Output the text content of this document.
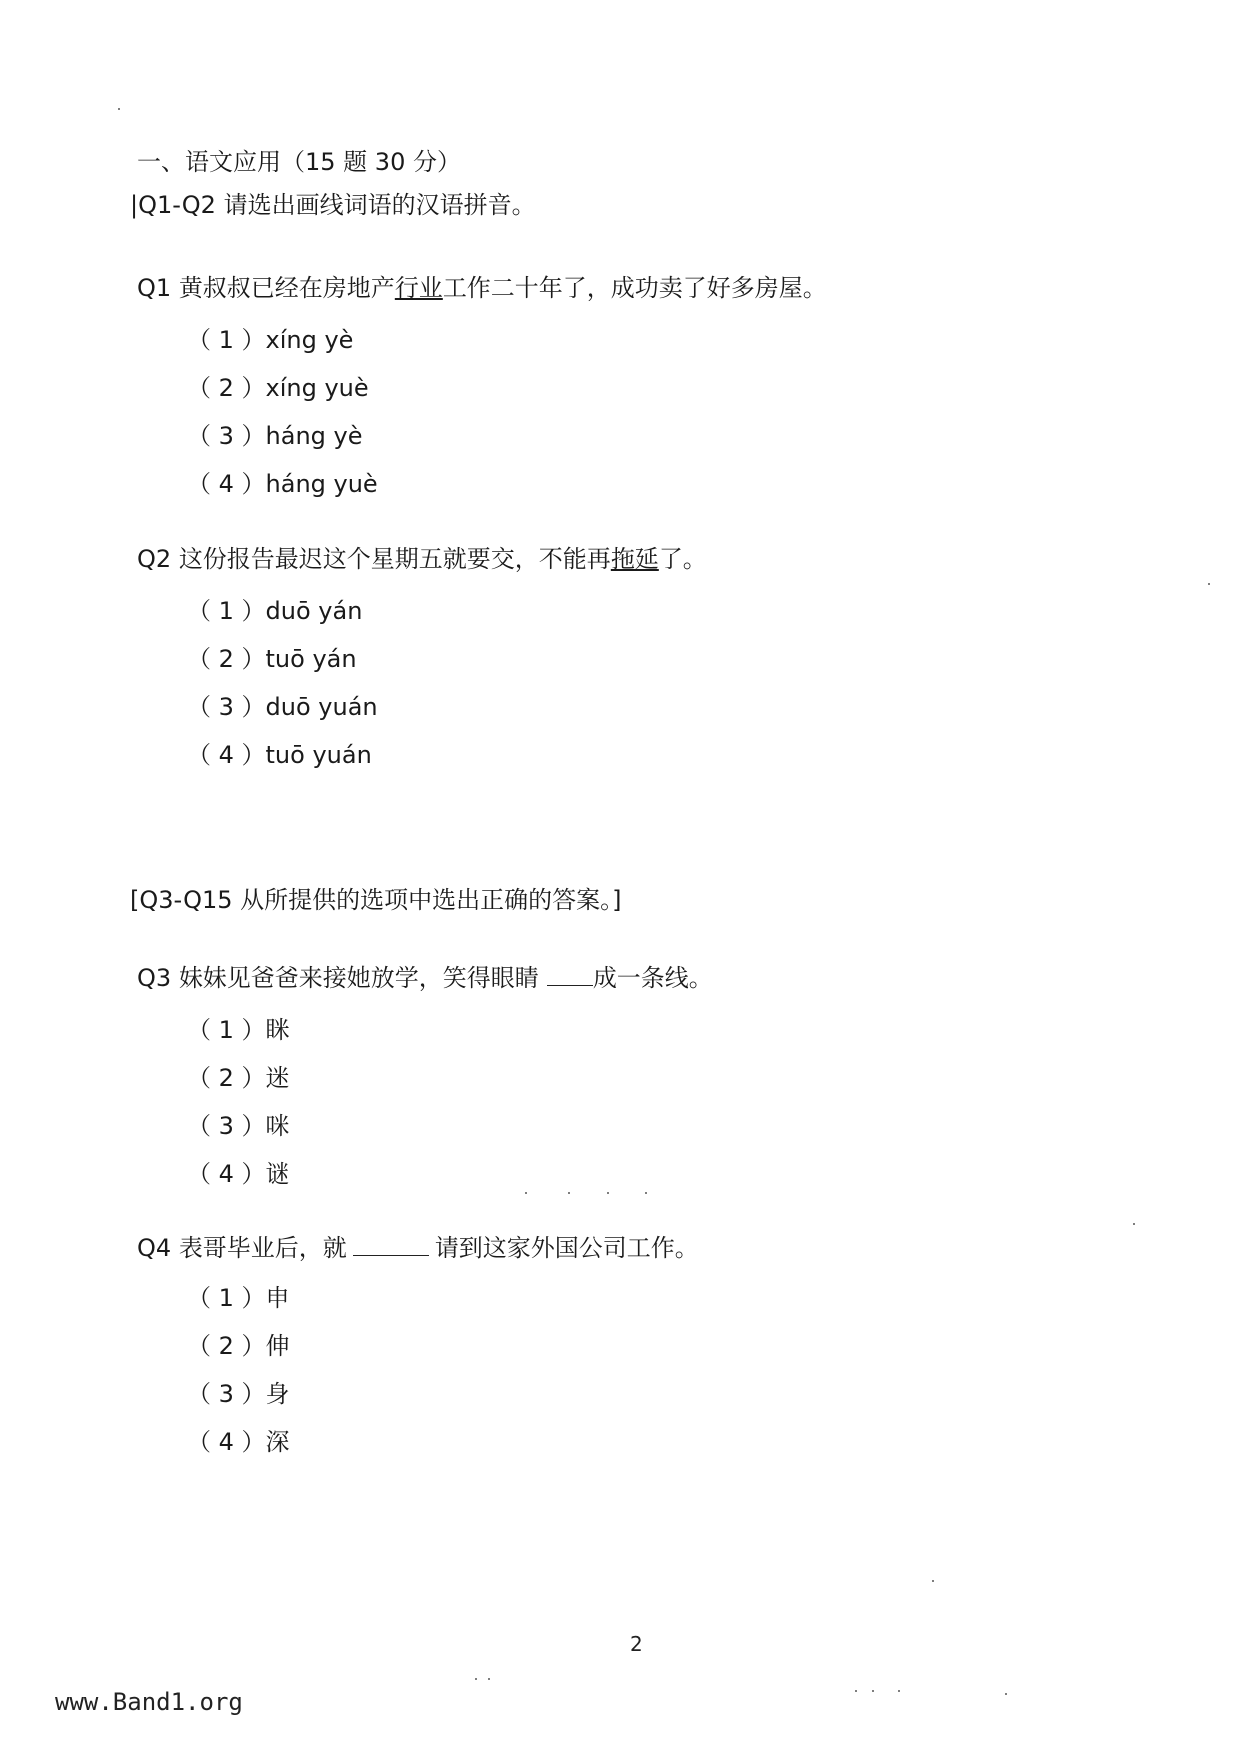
一、语文应用（15 题 30 分）
|Q1-Q2 请选出画线词语的汉语拼音。
Q1 黄叔叔已经在房地产行业工作二十年了，成功卖了好多房屋。
（ 1 ）xíng yè
（ 2 ）xíng yuè
（ 3 ）háng yè
（ 4 ）háng yuè
Q2 这份报告最迟这个星期五就要交，不能再拖延了。
（ 1 ）duō yán
（ 2 ）tuō yán
（ 3 ）duō yuán
（ 4 ）tuō yuán
[Q3-Q15 从所提供的选项中选出正确的答案。]
Q3 妹妹见爸爸来接她放学，笑得眼睛 成一条线。
（ 1 ）眯
（ 2 ）迷
（ 3 ）咪
（ 4 ）谜
Q4 表哥毕业后，就	请到这家外国公司工作。
（ 1 ）申
（ 2 ）伸
（ 3 ）身
（ 4 ）深
2
www.Band1.org
